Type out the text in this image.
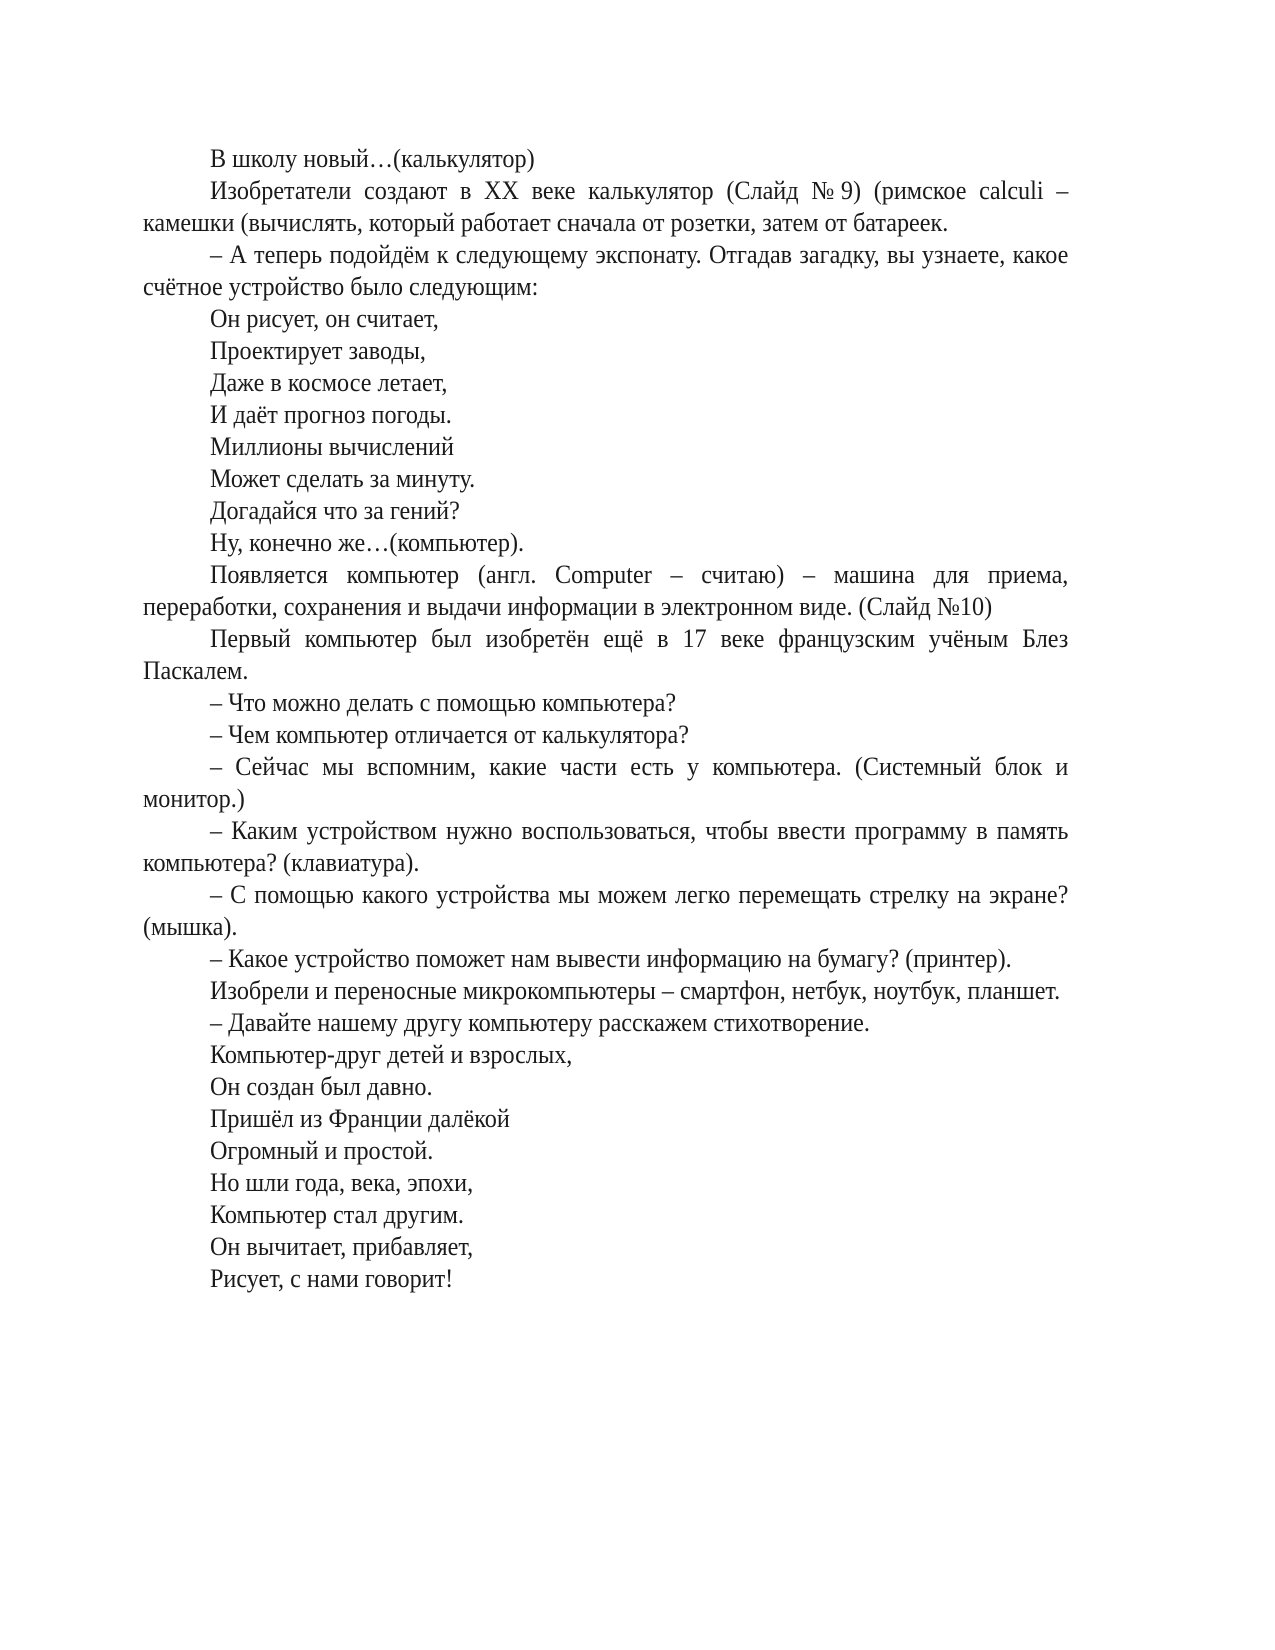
В школу новый…(калькулятор)

Изобретатели создают в XX веке калькулятор (Слайд №9) (римское calculi – камешки (вычислять, который работает сначала от розетки, затем от батареек.

– А теперь подойдём к следующему экспонату. Отгадав загадку, вы узнаете, какое счётное устройство было следующим:

Он рисует, он считает,

Проектирует заводы,

Даже в космосе летает,

И даёт прогноз погоды.

Миллионы вычислений

Может сделать за минуту.

Догадайся что за гений?

Ну, конечно же…(компьютер).

Появляется компьютер (англ. Computer – считаю) – машина для приема, переработки, сохранения и выдачи информации в электронном виде. (Слайд №10)

Первый компьютер был изобретён ещё в 17 веке французским учёным Блез Паскалем.

– Что можно делать с помощью компьютера?

– Чем компьютер отличается от калькулятора?

– Сейчас мы вспомним, какие части есть у компьютера. (Системный блок и монитор.)

– Каким устройством нужно воспользоваться, чтобы ввести программу в память компьютера? (клавиатура).

– С помощью какого устройства мы можем легко перемещать стрелку на экране? (мышка).

– Какое устройство поможет нам вывести информацию на бумагу? (принтер).

Изобрели и переносные микрокомпьютеры – смартфон, нетбук, ноутбук, планшет.

– Давайте нашему другу компьютеру расскажем стихотворение.

Компьютер-друг детей и взрослых,

Он создан был давно.

Пришёл из Франции далёкой

Огромный и простой.

Но шли года, века, эпохи,

Компьютер стал другим.

Он вычитает, прибавляет,

Рисует, с нами говорит!
